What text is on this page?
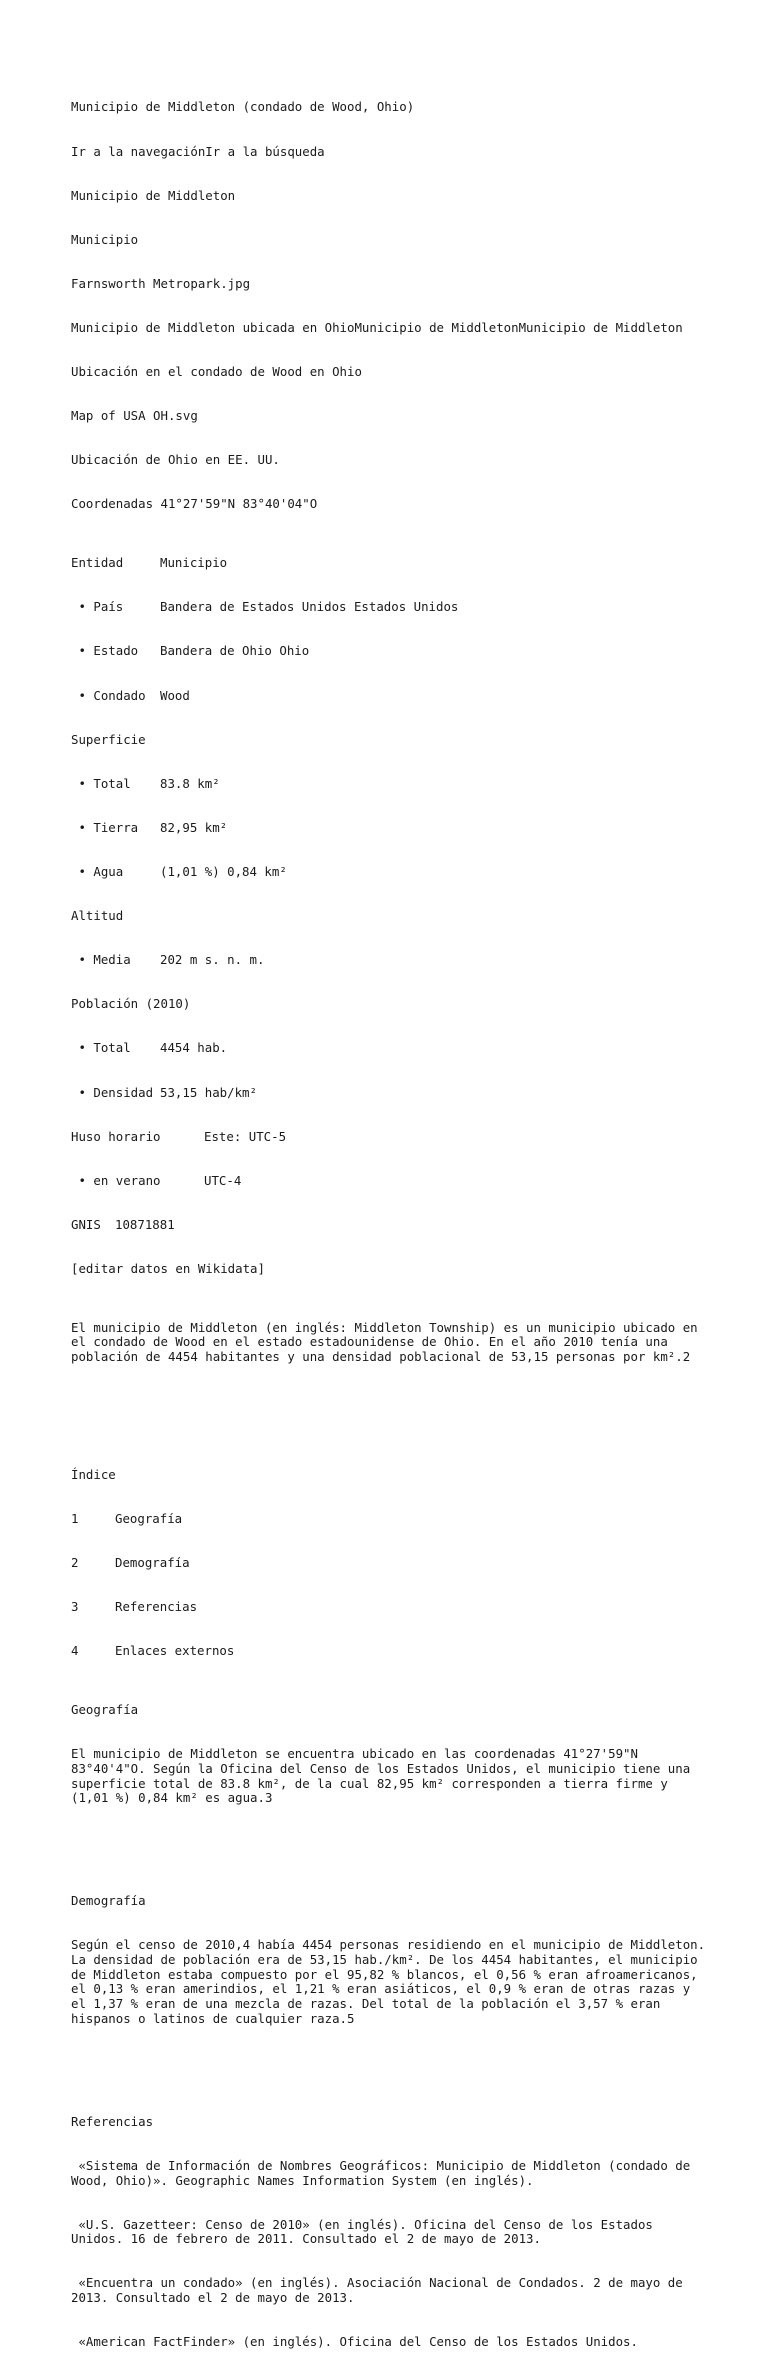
Municipio de Middleton (condado de Wood, Ohio)

Ir a la navegaciónIr a la búsqueda

Municipio de Middleton

Municipio

Farnsworth Metropark.jpg

Municipio de Middleton ubicada en OhioMunicipio de MiddletonMunicipio de Middleton

Ubicación en el condado de Wood en Ohio

Map of USA OH.svg

Ubicación de Ohio en EE. UU.

Coordenadas 41°27'59"N 83°40'04"O

Entidad	Municipio

• País	Bandera de Estados Unidos Estados Unidos

• Estado Bandera de Ohio Ohio

• Condado Wood

Superficie

• Total 83.8 km²

• Tierra 82,95 km²

• Agua	(1,01 %) 0,84 km²

Altitud

• Media 202 m s. n. m.

Población (2010)

• Total 4454 hab.

• Densidad 53,15 hab/km²

Huso horario	Este: UTC-5

• en verano	UTC-4

GNIS 10871881

[editar datos en Wikidata]

El municipio de Middleton (en inglés: Middleton Township) es un municipio ubicado en el condado de Wood en el estado estadounidense de Ohio. En el año 2010 tenía una población de 4454 habitantes y una densidad poblacional de 53,15 personas por km².2

Índice

1	Geografía

2	Demografía

3	Referencias

4	Enlaces externos

Geografía

El municipio de Middleton se encuentra ubicado en las coordenadas 41°27'59"N 83°40'4"O. Según la Oficina del Censo de los Estados Unidos, el municipio tiene una superficie total de 83.8 km², de la cual 82,95 km² corresponden a tierra firme y (1,01 %) 0,84 km² es agua.3

Demografía

Según el censo de 2010,4 había 4454 personas residiendo en el municipio de Middleton. La densidad de población era de 53,15 hab./km². De los 4454 habitantes, el municipio de Middleton estaba compuesto por el 95,82 % blancos, el 0,56 % eran afroamericanos, el 0,13 % eran amerindios, el 1,21 % eran asiáticos, el 0,9 % eran de otras razas y el 1,37 % eran de una mezcla de razas. Del total de la población el 3,57 % eran hispanos o latinos de cualquier raza.5

Referencias

«Sistema de Información de Nombres Geográficos: Municipio de Middleton (condado de Wood, Ohio)». Geographic Names Information System (en inglés).

«U.S. Gazetteer: Censo de 2010» (en inglés). Oficina del Censo de los Estados Unidos. 16 de febrero de 2011. Consultado el 2 de mayo de 2013.

«Encuentra un condado» (en inglés). Asociación Nacional de Condados. 2 de mayo de 2013. Consultado el 2 de mayo de 2013.

«American FactFinder» (en inglés). Oficina del Censo de los Estados Unidos.
